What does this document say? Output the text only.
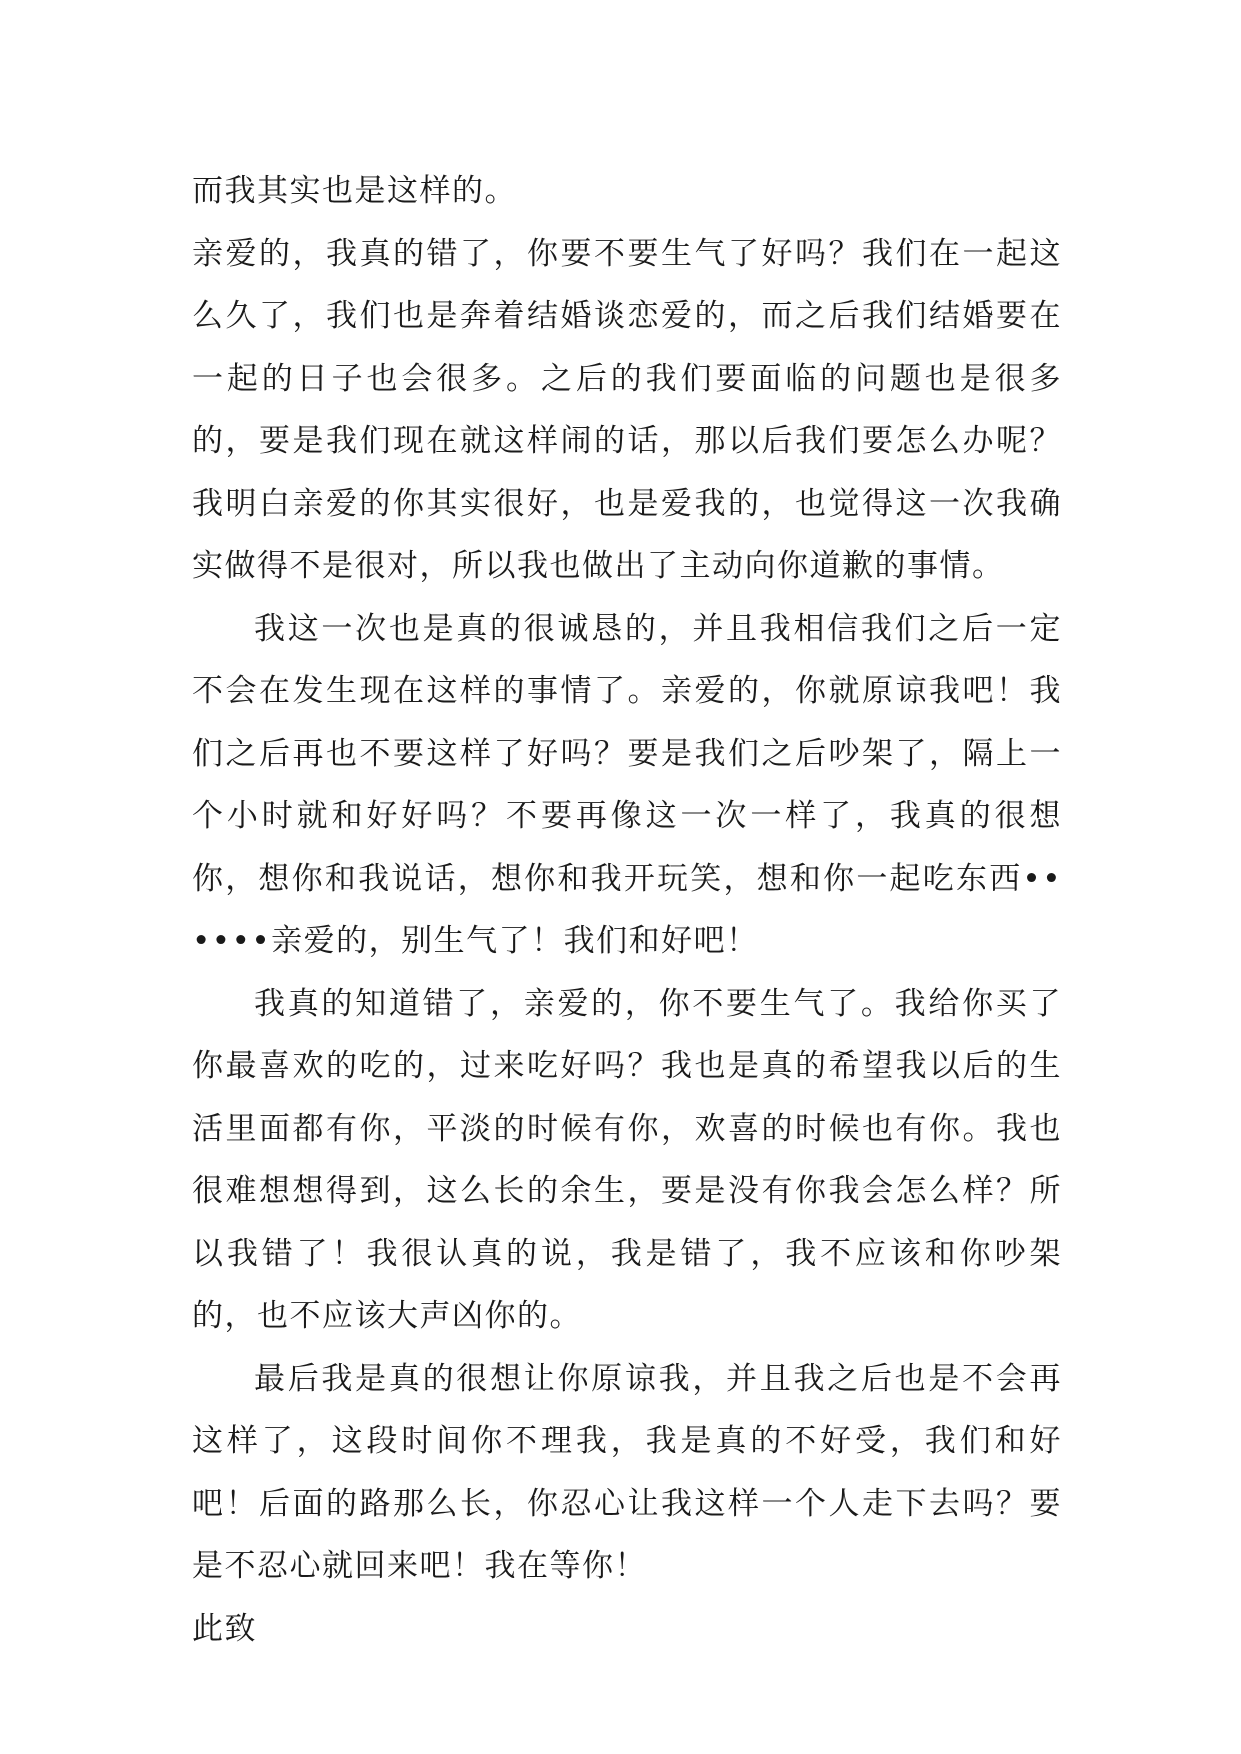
而我其实也是这样的。

亲爱的，我真的错了，你要不要生气了好吗？我们在一起这么久了，我们也是奔着结婚谈恋爱的，而之后我们结婚要在一起的日子也会很多。之后的我们要面临的问题也是很多的，要是我们现在就这样闹的话，那以后我们要怎么办呢？我明白亲爱的你其实很好，也是爱我的，也觉得这一次我确实做得不是很对，所以我也做出了主动向你道歉的事情。

我这一次也是真的很诚恳的，并且我相信我们之后一定不会在发生现在这样的事情了。亲爱的，你就原谅我吧！我们之后再也不要这样了好吗？要是我们之后吵架了，隔上一个小时就和好好吗？不要再像这一次一样了，我真的很想你，想你和我说话，想你和我开玩笑，想和你一起吃东西••••••亲爱的，别生气了！我们和好吧！

我真的知道错了，亲爱的，你不要生气了。我给你买了你最喜欢的吃的，过来吃好吗？我也是真的希望我以后的生活里面都有你，平淡的时候有你，欢喜的时候也有你。我也很难想想得到，这么长的余生，要是没有你我会怎么样？所以我错了！我很认真的说，我是错了，我不应该和你吵架的，也不应该大声凶你的。

最后我是真的很想让你原谅我，并且我之后也是不会再这样了，这段时间你不理我，我是真的不好受，我们和好吧！后面的路那么长，你忍心让我这样一个人走下去吗？要是不忍心就回来吧！我在等你！

此致
